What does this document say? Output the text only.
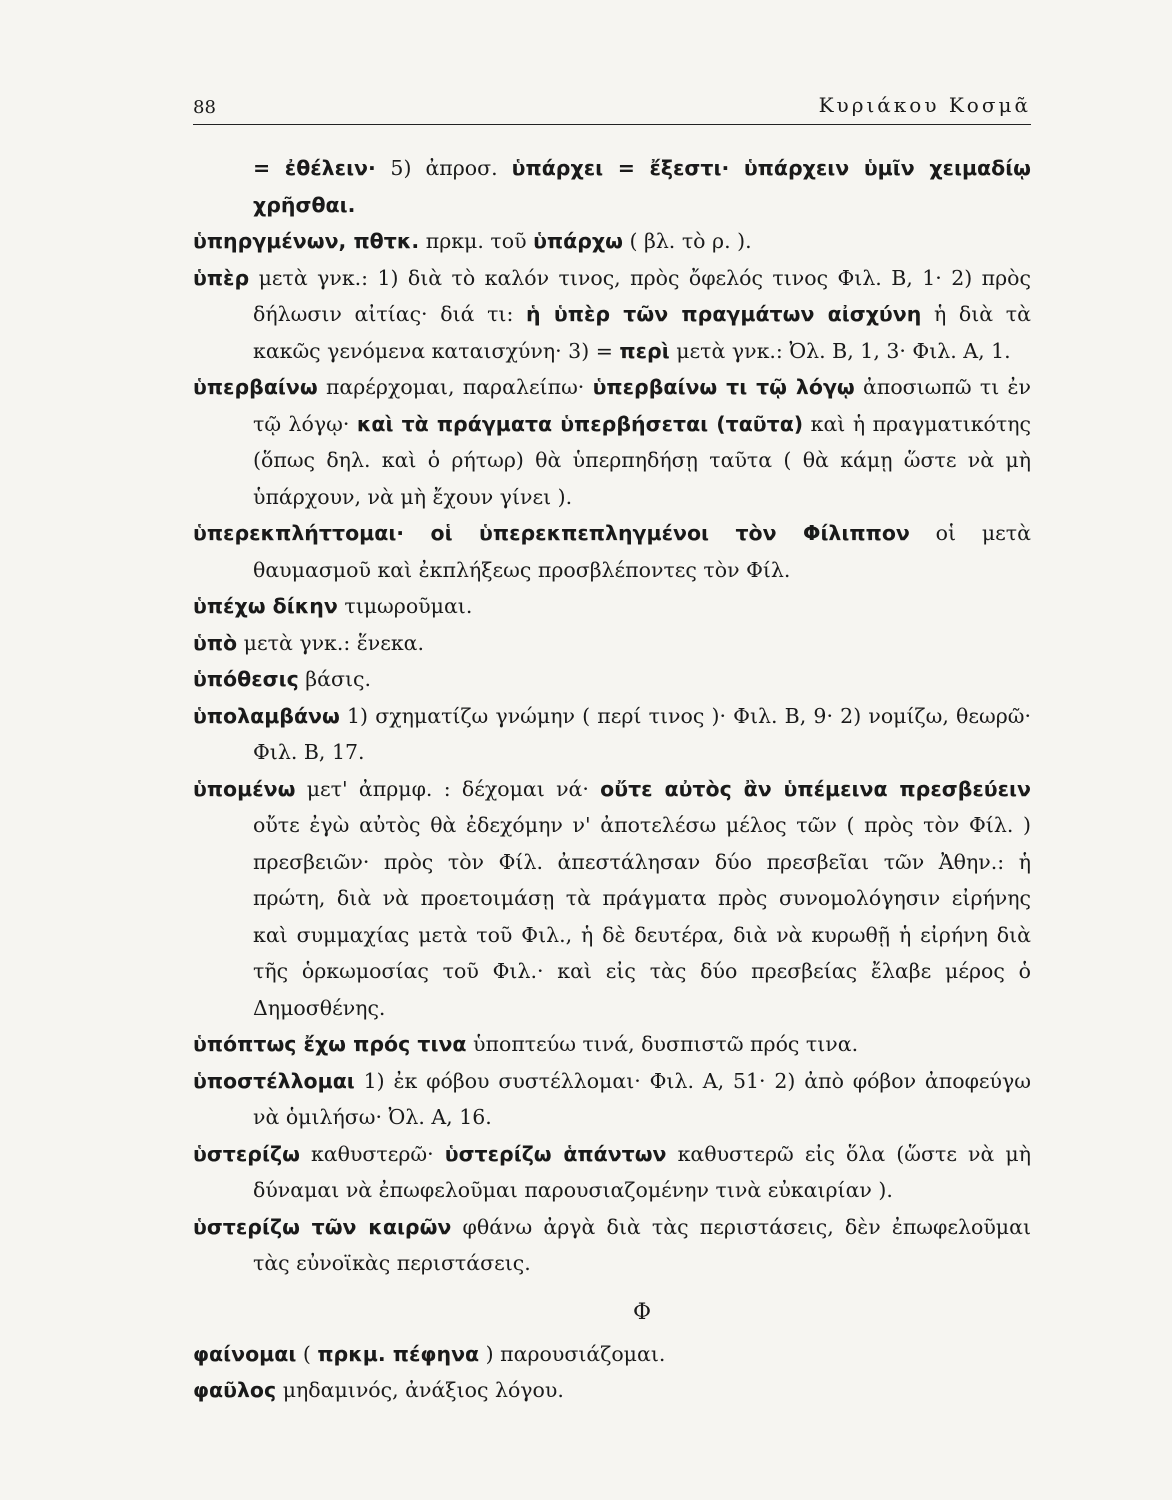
88	Κυριάκου Κοσμᾶ

= ἐθέλειν· 5) ἀπροσ. ὑπάρχει = ἔξεστι· ὑπάρχειν ὑμῖν χειμαδίῳ χρῆσθαι.

ὑπηργμένων, πθτκ. πρκμ. τοῦ ὑπάρχω ( βλ. τὸ ρ. ).

ὑπὲρ μετὰ γνκ.: 1) διὰ τὸ καλόν τινος, πρὸς ὄφελός τινος Φιλ. Β, 1· 2) πρὸς δήλωσιν αἰτίας· διά τι: ἡ ὑπὲρ τῶν πραγμάτων αἰσχύνη ἡ διὰ τὰ κακῶς γενόμενα καταισχύνη· 3) = περὶ μετὰ γνκ.: Ὀλ. Β, 1, 3· Φιλ. Α, 1.

ὑπερβαίνω παρέρχομαι, παραλείπω· ὑπερβαίνω τι τῷ λόγῳ ἀποσιωπῶ τι ἐν τῷ λόγῳ· καὶ τὰ πράγματα ὑπερβήσεται (ταῦτα) καὶ ἡ πραγματικότης (ὅπως δηλ. καὶ ὁ ρήτωρ) θὰ ὑπερπηδήσῃ ταῦτα ( θὰ κάμῃ ὥστε νὰ μὴ ὑπάρχουν, νὰ μὴ ἔχουν γίνει ).

ὑπερεκπλήττομαι· οἱ ὑπερεκπεπληγμένοι τὸν Φίλιππον οἱ μετὰ θαυμασμοῦ καὶ ἐκπλήξεως προσβλέποντες τὸν Φίλ.

ὑπέχω δίκην τιμωροῦμαι.

ὑπὸ μετὰ γνκ.: ἕνεκα.

ὑπόθεσις βάσις.

ὑπολαμβάνω 1) σχηματίζω γνώμην ( περί τινος )· Φιλ. Β, 9· 2) νομίζω, θεωρῶ· Φιλ. Β, 17.

ὑπομένω μετ' ἀπρμφ. : δέχομαι νά· οὔτε αὐτὸς ἂν ὑπέμεινα πρεσβεύειν οὔτε ἐγὼ αὐτὸς θὰ ἐδεχόμην ν' ἀποτελέσω μέλος τῶν ( πρὸς τὸν Φίλ. ) πρεσβειῶν· πρὸς τὸν Φίλ. ἀπεστάλησαν δύο πρεσβεῖαι τῶν Ἀθην.: ἡ πρώτη, διὰ νὰ προετοιμάσῃ τὰ πράγματα πρὸς συνομολόγησιν εἰρήνης καὶ συμμαχίας μετὰ τοῦ Φιλ., ἡ δὲ δευτέρα, διὰ νὰ κυρωθῇ ἡ εἰρήνη διὰ τῆς ὁρκωμοσίας τοῦ Φιλ.· καὶ εἰς τὰς δύο πρεσβείας ἔλαβε μέρος ὁ Δημοσθένης.

ὑπόπτως ἔχω πρός τινα ὑποπτεύω τινά, δυσπιστῶ πρός τινα.

ὑποστέλλομαι 1) ἐκ φόβου συστέλλομαι· Φιλ. Α, 51· 2) ἀπὸ φόβον ἀποφεύγω νὰ ὁμιλήσω· Ὀλ. Α, 16.

ὑστερίζω καθυστερῶ· ὑστερίζω ἁπάντων καθυστερῶ εἰς ὅλα (ὥστε νὰ μὴ δύναμαι νὰ ἐπωφελοῦμαι παρουσιαζομένην τινὰ εὐκαιρίαν ).

ὑστερίζω τῶν καιρῶν φθάνω ἀργὰ διὰ τὰς περιστάσεις, δὲν ἐπωφελοῦμαι τὰς εὐνοϊκὰς περιστάσεις.

Φ

φαίνομαι ( πρκμ. πέφηνα ) παρουσιάζομαι.

φαῦλος μηδαμινός, ἀνάξιος λόγου.
